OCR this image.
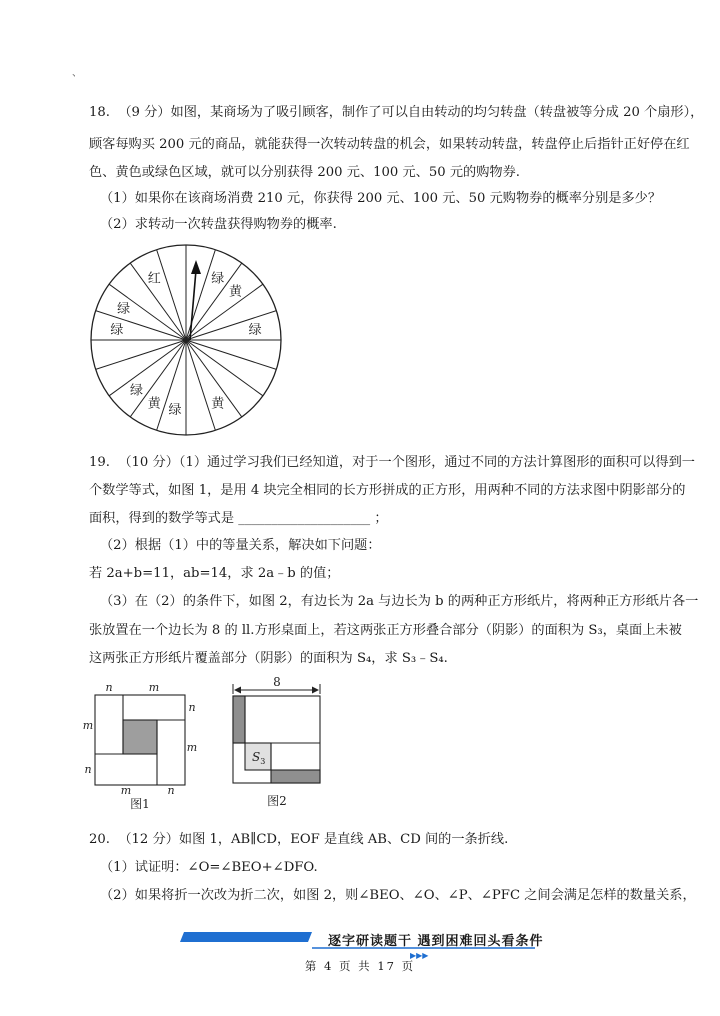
、
18.  （9 分）如图，某商场为了吸引顾客，制作了可以自由转动的均匀转盘（转盘被等分成 20 个扇形），
顾客每购买 200 元的商品，就能获得一次转动转盘的机会，如果转动转盘，转盘停止后指针正好停在红
色、黄色或绿色区域，就可以分别获得 200 元、100 元、50 元的购物券.
（1）如果你在该商场消费 210 元，你获得 200 元、100 元、50 元购物券的概率分别是多少？
（2）求转动一次转盘获得购物券的概率.
红	绿
黄
绿
黄
绿
黄
绿
绿
绿
19.  （10 分）（1）通过学习我们已经知道，对于一个图形，通过不同的方法计算图形的面积可以得到一
个数学等式，如图 1，是用 4 块完全相同的长方形拼成的正方形，用两种不同的方法求图中阴影部分的
面积，得到的数学等式是 ____________________ ；
（2）根据（1）中的等量关系，解决如下问题：
若 2a+b=11，ab=14，求 2a﹣b 的值；
（3）在（2）的条件下，如图 2，有边长为 2a 与边长为 b 的两种正方形纸片，将两种正方形纸片各一
张放置在一个边长为 8 的 ll.方形桌面上，若这两张正方形叠合部分（阴影）的面积为 S₃，桌面上未被
这两张正方形纸片覆盖部分（阴影）的面积为 S₄，求 S₃﹣S₄.
n	m
m
n
n
m
m	n
图1
8
$S_3$
图2
20.  （12 分）如图 1，AB∥CD，EOF 是直线 AB、CD 间的一条折线.
（1）试证明：∠O=∠BEO+∠DFO.
（2）如果将折一次改为折二次，如图 2，则∠BEO、∠O、∠P、∠PFC 之间会满足怎样的数量关系，
▶▶▶
逐字研读题干 遇到困难回头看条件
第 4 页 共 17 页
